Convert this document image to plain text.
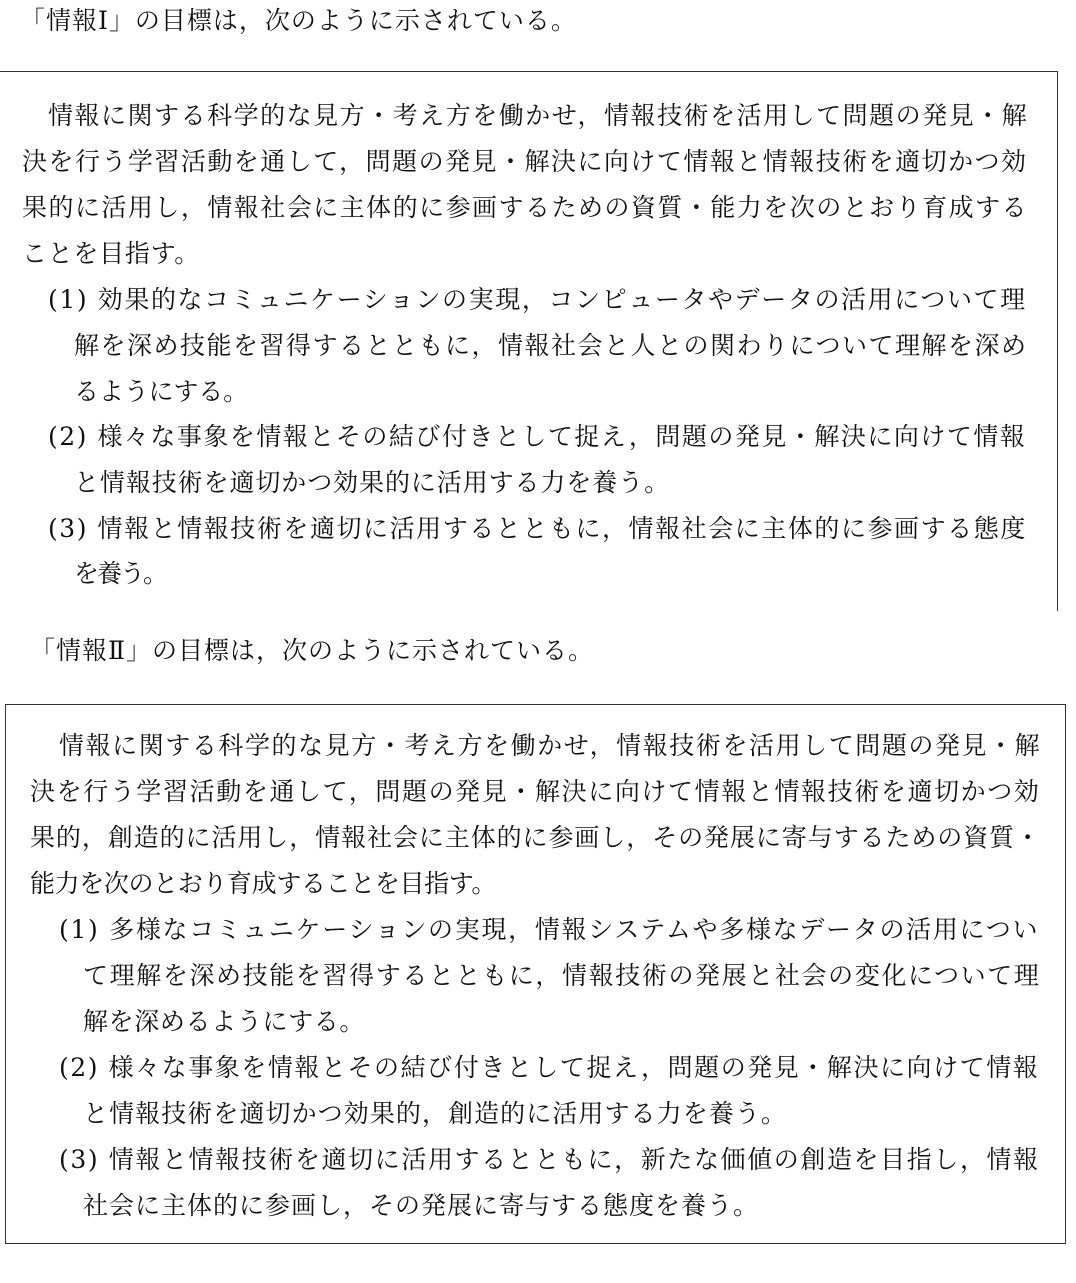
「情報Ⅰ」の目標は，次のように示されている。
情報に関する科学的な見方・考え方を働かせ，情報技術を活用して問題の発見・解
決を行う学習活動を通して，問題の発見・解決に向けて情報と情報技術を適切かつ効
果的に活用し，情報社会に主体的に参画するための資質・能力を次のとおり育成する
ことを目指す。
(1) 効果的なコミュニケーションの実現，コンピュータやデータの活用について理
解を深め技能を習得するとともに，情報社会と人との関わりについて理解を深め
るようにする。
(2) 様々な事象を情報とその結び付きとして捉え，問題の発見・解決に向けて情報
と情報技術を適切かつ効果的に活用する力を養う。
(3) 情報と情報技術を適切に活用するとともに，情報社会に主体的に参画する態度
を養う。
「情報Ⅱ」の目標は，次のように示されている。
情報に関する科学的な見方・考え方を働かせ，情報技術を活用して問題の発見・解
決を行う学習活動を通して，問題の発見・解決に向けて情報と情報技術を適切かつ効
果的，創造的に活用し，情報社会に主体的に参画し，その発展に寄与するための資質・
能力を次のとおり育成することを目指す。
(1) 多様なコミュニケーションの実現，情報システムや多様なデータの活用につい
て理解を深め技能を習得するとともに，情報技術の発展と社会の変化について理
解を深めるようにする。
(2) 様々な事象を情報とその結び付きとして捉え，問題の発見・解決に向けて情報
と情報技術を適切かつ効果的，創造的に活用する力を養う。
(3) 情報と情報技術を適切に活用するとともに，新たな価値の創造を目指し，情報
社会に主体的に参画し，その発展に寄与する態度を養う。
